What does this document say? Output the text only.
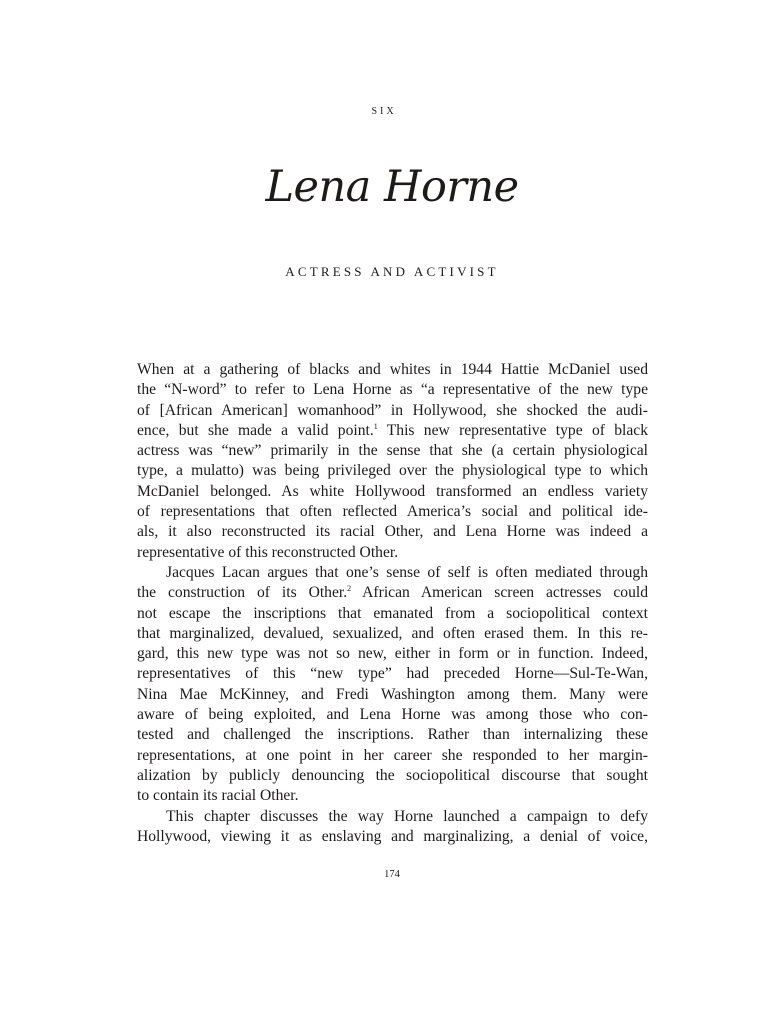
six
Lena Horne
ACTRESS AND ACTIVIST
When at a gathering of blacks and whites in 1944 Hattie McDaniel used
the “N-word” to refer to Lena Horne as “a representative of the new type
of [African American] womanhood” in Hollywood, she shocked the audi-
ence, but she made a valid point.$^1$ This new representative type of black
actress was “new” primarily in the sense that she (a certain physiological
type, a mulatto) was being privileged over the physiological type to which
McDaniel belonged. As white Hollywood transformed an endless variety
of representations that often reflected America’s social and political ide-
als, it also reconstructed its racial Other, and Lena Horne was indeed a
representative of this reconstructed Other.
Jacques Lacan argues that one’s sense of self is often mediated through
the construction of its Other.$^2$ African American screen actresses could
not escape the inscriptions that emanated from a sociopolitical context
that marginalized, devalued, sexualized, and often erased them. In this re-
gard, this new type was not so new, either in form or in function. Indeed,
representatives of this “new type” had preceded Horne—Sul-Te-Wan,
Nina Mae McKinney, and Fredi Washington among them. Many were
aware of being exploited, and Lena Horne was among those who con-
tested and challenged the inscriptions. Rather than internalizing these
representations, at one point in her career she responded to her margin-
alization by publicly denouncing the sociopolitical discourse that sought
to contain its racial Other.
This chapter discusses the way Horne launched a campaign to defy
Hollywood, viewing it as enslaving and marginalizing, a denial of voice,
174
